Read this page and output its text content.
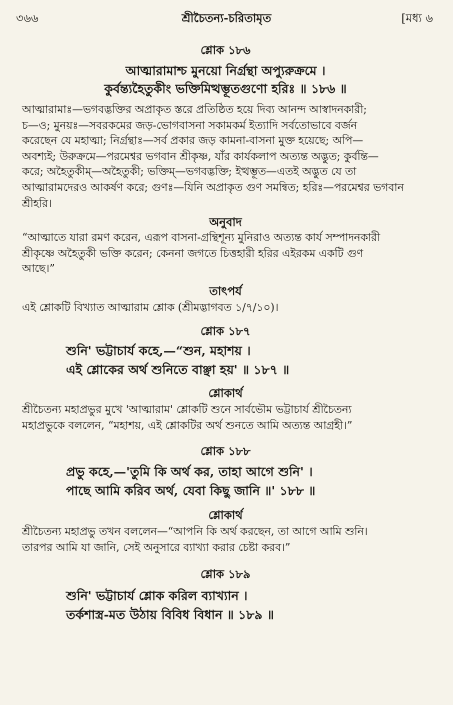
৩৬৬	শ্রীচৈতন্য-চরিতামৃত	[মধ্য ৬
শ্লোক ১৮৬
আত্মারামাশ্চ মুনয়ো নির্গ্রন্থা অপ্যুরুক্রমে ।
কুর্বন্ত্যহৈতুকীং ভক্তিমিত্থম্ভূতগুণো হরিঃ ॥ ১৮৬ ॥
আত্মারামাঃ—ভগবদ্ভক্তির অপ্রাকৃত স্তরে প্রতিষ্ঠিত হয়ে দিব্য আনন্দ আস্বাদনকারী;
চ—ও; মুনয়ঃ—সবরকমের জড়-ভোগবাসনা সকামকর্ম ইত্যাদি সর্বতোভাবে বর্জন
করেছেন যে মহাত্মা; নির্গ্রন্থাঃ—সর্ব প্রকার জড় কামনা-বাসনা মুক্ত হয়েছে; অপি—
অবশ্যই; উরুক্রমে—পরমেশ্বর ভগবান শ্রীকৃষ্ণ, যাঁর কার্যকলাপ অত্যন্ত অদ্ভুত; কুর্বন্তি—
করে; অহৈতুকীম্—অহৈতুকী; ভক্তিম্—ভগবদ্ভক্তি; ইত্থম্ভূত—এতই অদ্ভুত যে তা
আত্মারামদেরও আকর্ষণ করে; গুণঃ—যিনি অপ্রাকৃত গুণ সমন্বিত; হরিঃ—পরমেশ্বর ভগবান
শ্রীহরি।
অনুবাদ
“আত্মাতে যারা রমণ করেন, এরূপ বাসনা-গ্রন্থিশূন্য মুনিরাও অত্যন্ত কার্য সম্পাদনকারী
শ্রীকৃষ্ণে অহৈতুকী ভক্তি করেন; কেননা জগতে চিত্তহারী হরির এইরকম একটি গুণ
আছে।”
তাৎপর্য
এই শ্লোকটি বিখ্যাত আত্মারাম শ্লোক (শ্রীমদ্ভাগবত ১/৭/১০)।
শ্লোক ১৮৭
শুনি' ভট্টাচার্য কহে,—“শুন, মহাশয় ।
এই শ্লোকের অর্থ শুনিতে বাঞ্ছা হয়' ॥ ১৮৭ ॥
শ্লোকার্থ
শ্রীচৈতন্য মহাপ্রভুর মুখে 'আত্মারাম' শ্লোকটি শুনে সার্বভৌম ভট্টাচার্য শ্রীচৈতন্য
মহাপ্রভুকে বললেন, “মহাশয়, এই শ্লোকটির অর্থ শুনতে আমি অত্যন্ত আগ্রহী।”
শ্লোক ১৮৮
প্রভু কহে,—'তুমি কি অর্থ কর, তাহা আগে শুনি' ।
পাছে আমি করিব অর্থ, যেবা কিছু জানি ॥' ১৮৮ ॥
শ্লোকার্থ
শ্রীচৈতন্য মহাপ্রভু তখন বললেন—“আপনি কি অর্থ করছেন, তা আগে আমি শুনি।
তারপর আমি যা জানি, সেই অনুসারে ব্যাখ্যা করার চেষ্টা করব।”
শ্লোক ১৮৯
শুনি' ভট্টাচার্য শ্লোক করিল ব্যাখ্যান ।
তর্কশাস্ত্র-মত উঠায় বিবিধ বিধান ॥ ১৮৯ ॥
